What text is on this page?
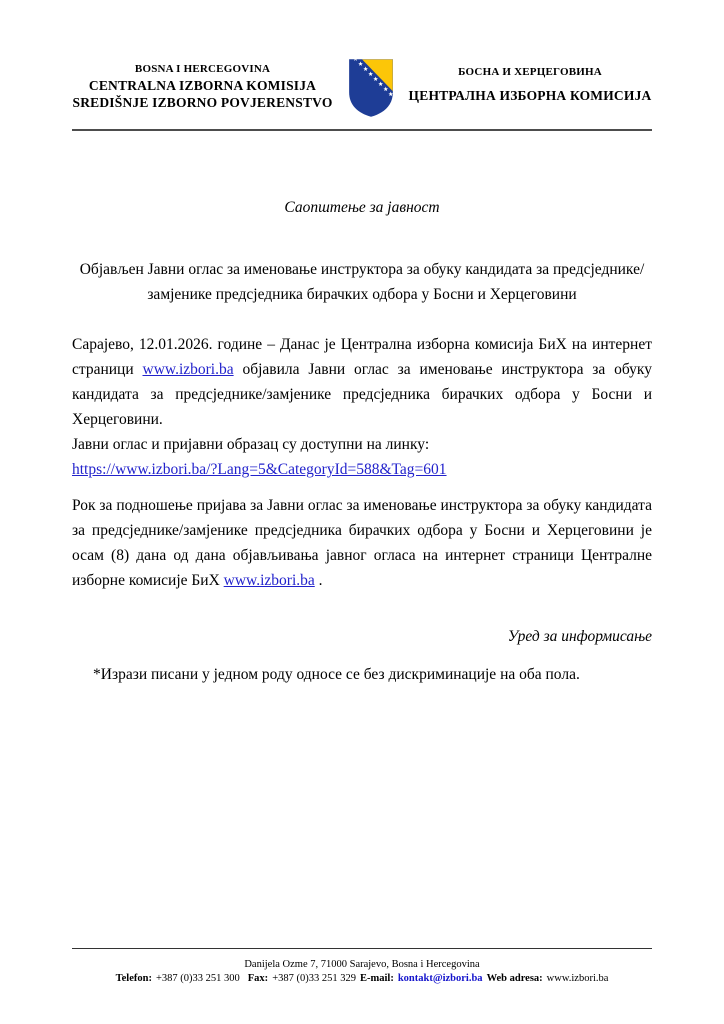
BOSNA I HERCEGOVINA
CENTRALNA IZBORNA KOMISIJA
SREDIŠNJE IZBORNO POVJERENSTVO
БОСНА И ХЕРЦЕГОВИНА
ЦЕНТРАЛНА ИЗБОРНА КОМИСИЈА

Саопштење за јавност

Објављен Јавни оглас за именовање инструктора за обуку кандидата за предсједнике/замјенике предсједника бирачких одбора у Босни и Херцеговини

Сарајево, 12.01.2026. године – Данас је Централна изборна комисија БиХ на интернет страници www.izbori.ba објавила Јавни оглас за именовање инструктора за обуку кандидата за предсједнике/замјенике предсједника бирачких одбора у Босни и Херцеговини.

Јавни оглас и пријавни образац су доступни на линку:
https://www.izbori.ba/?Lang=5&CategoryId=588&Tag=601

Рок за подношење пријава за Јавни оглас за именовање инструктора за обуку кандидата за предсједнике/замјенике предсједника бирачких одбора у Босни и Херцеговини је осам (8) дана од дана објављивања јавног огласа на интернет страници Централне изборне комисије БиХ www.izbori.ba .

Уред за информисање

*Изрази писани у једном роду односе се без дискриминације на оба пола.

Danijela Ozme 7, 71000 Sarajevo, Bosna i Hercegovina
Telefon: +387 (0)33 251 300 Fax: +387 (0)33 251 329 E-mail: kontakt@izbori.ba Web adresa: www.izbori.ba
